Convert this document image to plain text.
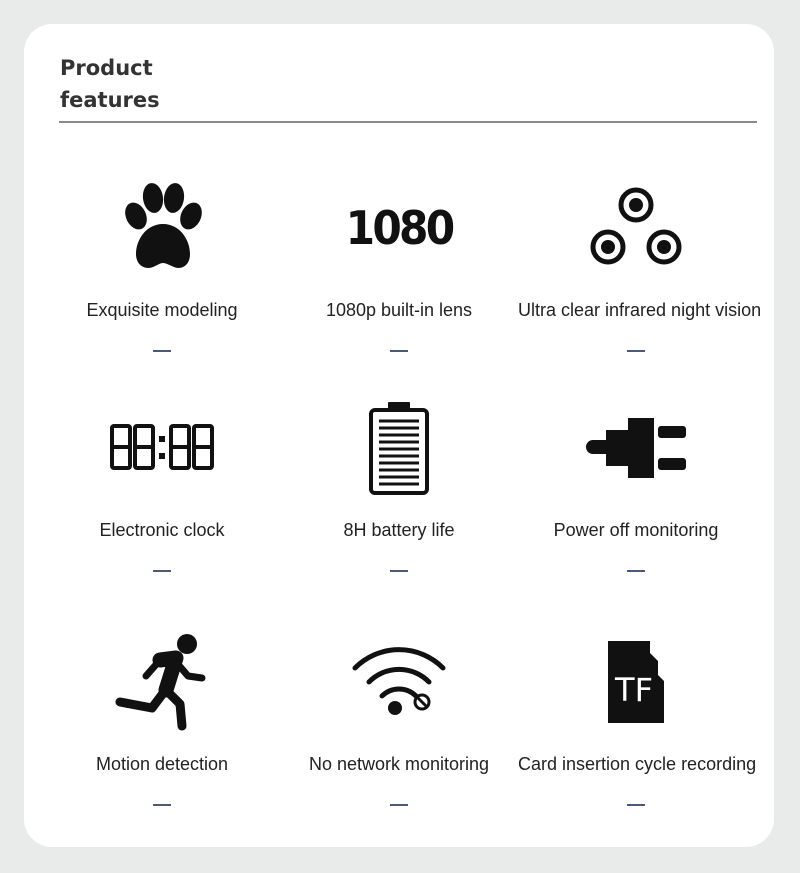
Product
features
Exquisite modeling
1080
1080p built-in lens	Ultra clear infrared night vision
Electronic clock	8H battery life	Power off monitoring
Motion detection	No network monitoring
TF
Card insertion cycle recording
